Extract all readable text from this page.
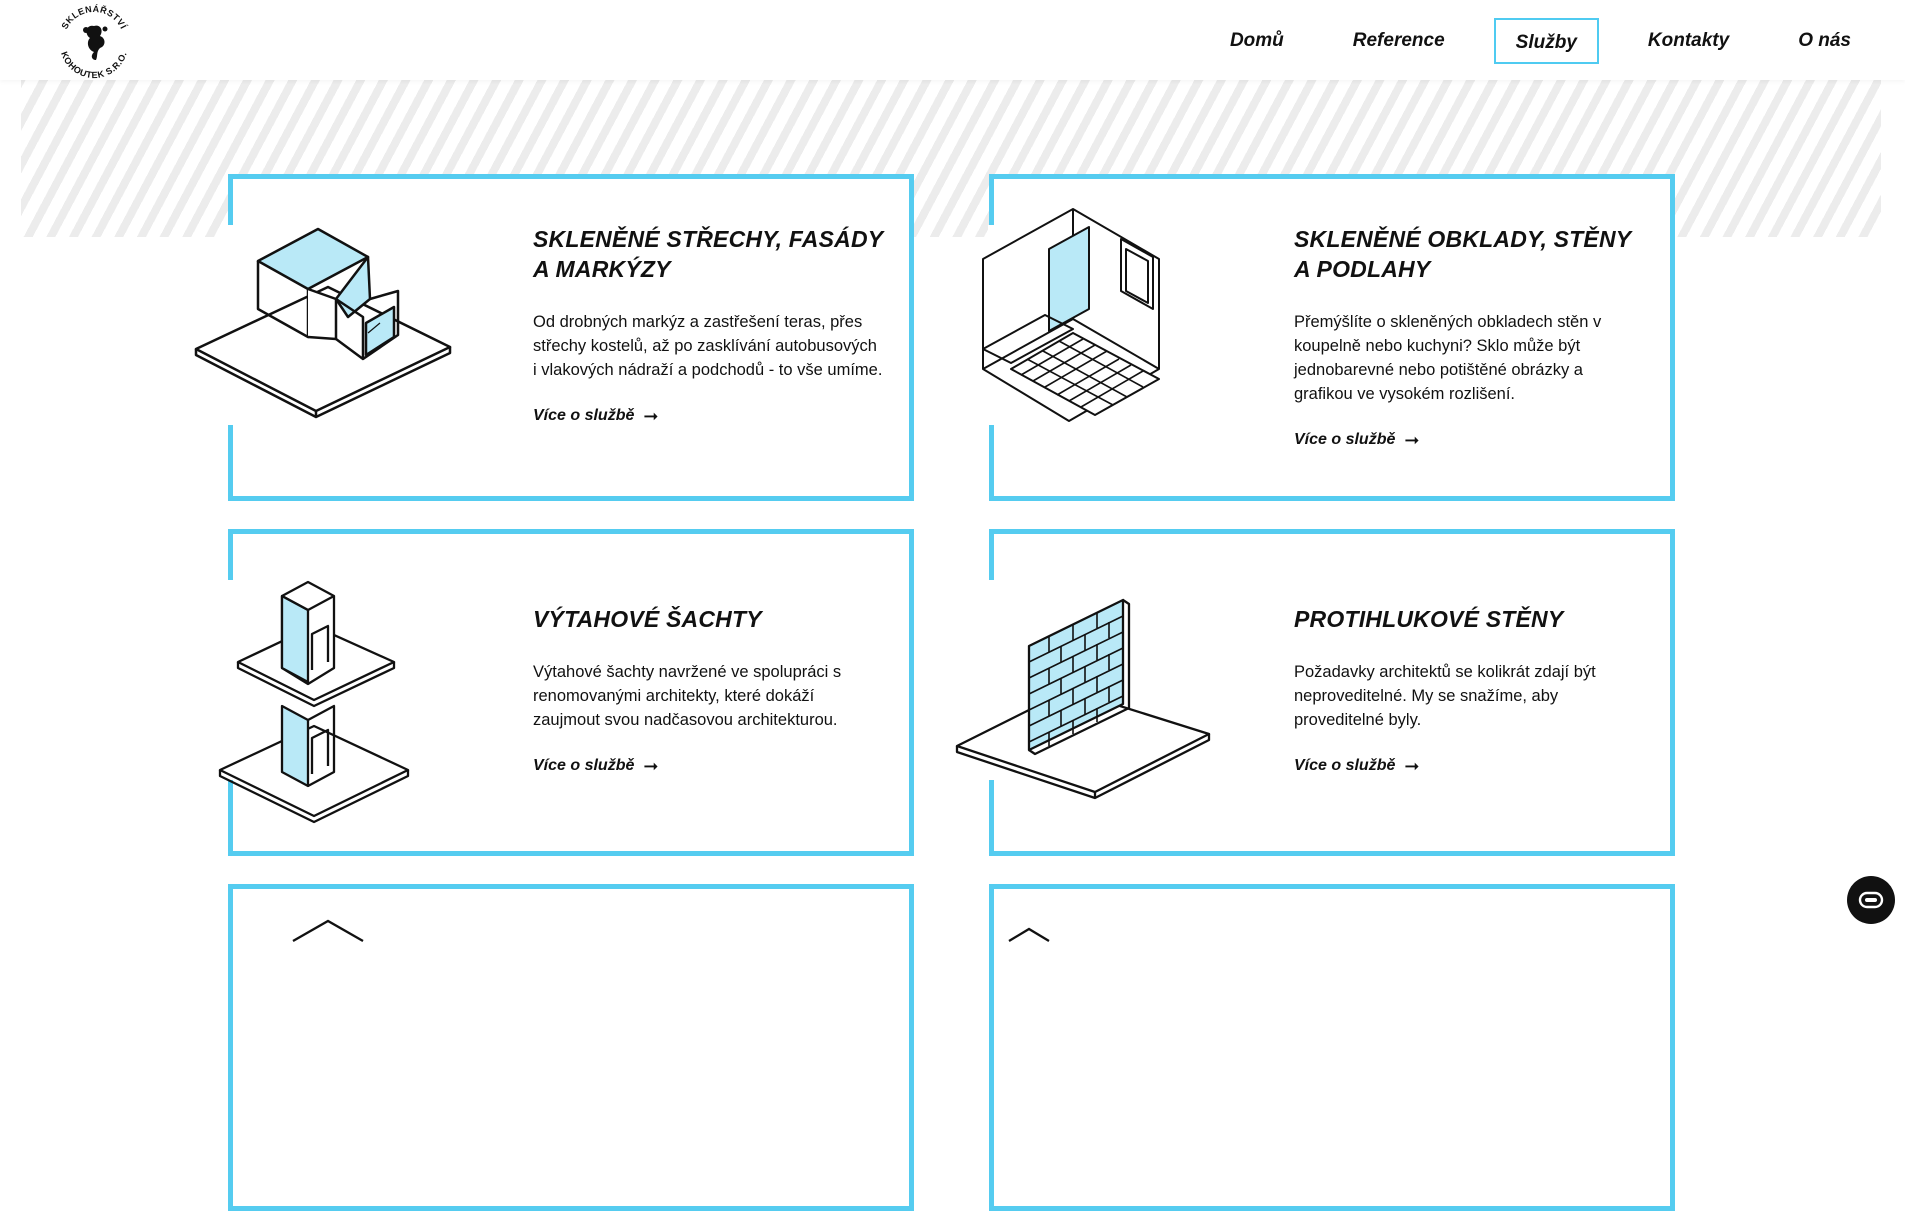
SKLENÁŘSTVÍ
KOHOUTEK S.R.O.
Domů	Reference	Služby	Kontakty	O nás
SKLENĚNÉ STŘECHY, FASÁDY A MARKÝZY

Od drobných markýz a zastřešení teras, přes střechy kostelů, až po zasklívání autobusových i vlakových nádraží a podchodů - to vše umíme.

Více o službě ➞
SKLENĚNÉ OBKLADY, STĚNY A PODLAHY

Přemýšlíte o skleněných obkladech stěn v koupelně nebo kuchyni? Sklo může být jednobarevné nebo potištěné obrázky a grafikou ve vysokém rozlišení.

Více o službě ➞
VÝTAHOVÉ ŠACHTY

Výtahové šachty navržené ve spolupráci s renomovanými architekty, které dokáží zaujmout svou nadčasovou architekturou.

Více o službě ➞
PROTIHLUKOVÉ STĚNY

Požadavky architektů se kolikrát zdají být neproveditelné. My se snažíme, aby proveditelné byly.

Více o službě ➞
